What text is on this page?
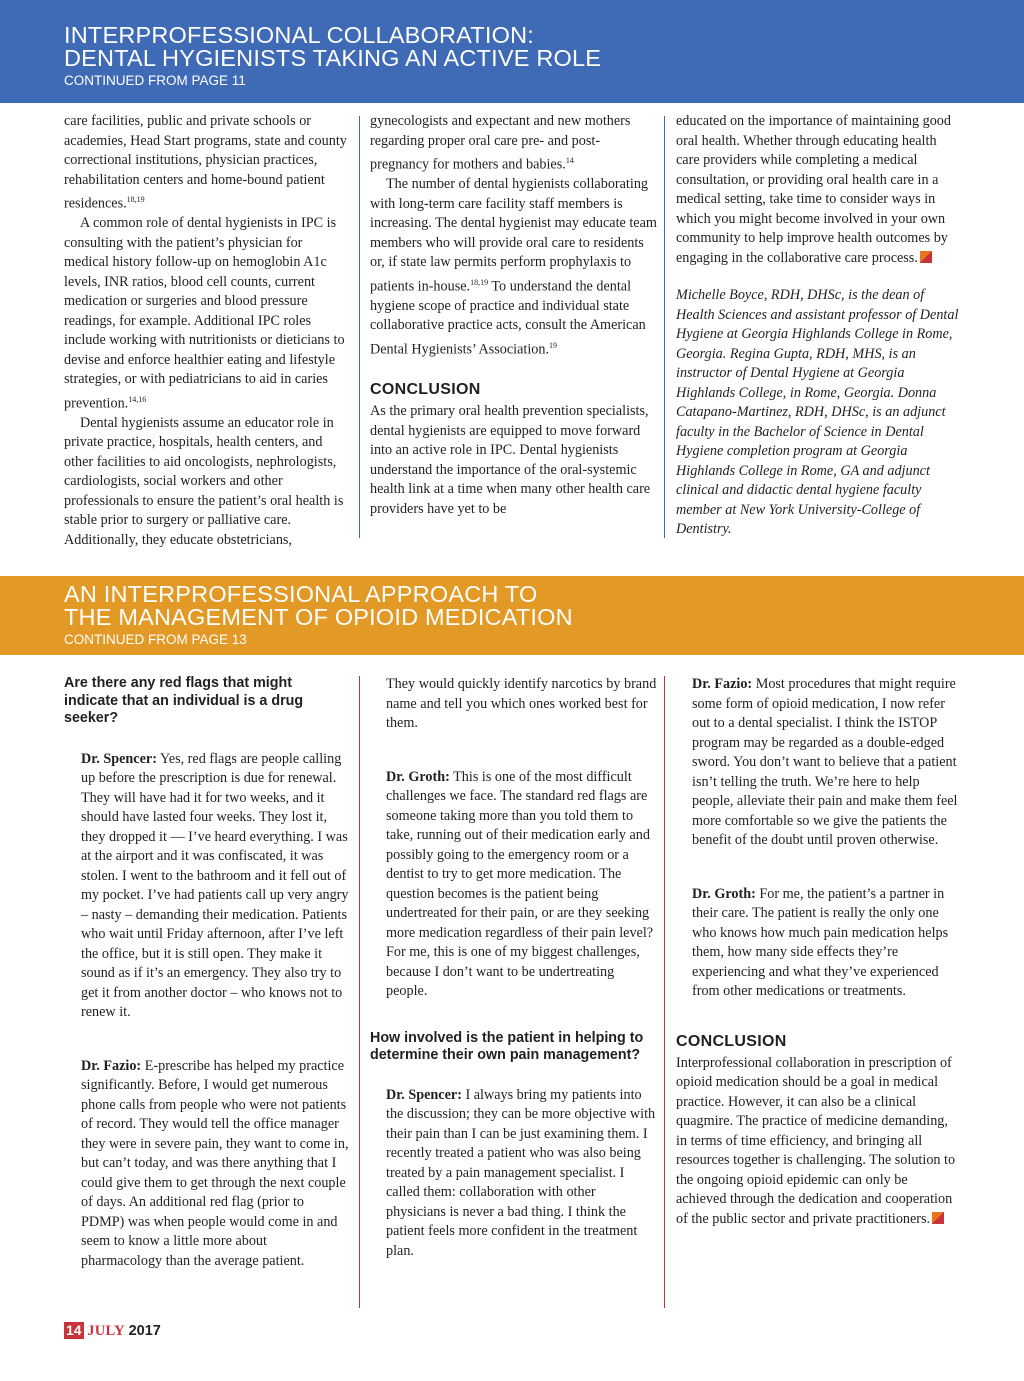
INTERPROFESSIONAL COLLABORATION:
DENTAL HYGIENISTS TAKING AN ACTIVE ROLE
CONTINUED FROM PAGE 11

care facilities, public and private schools or academies, Head Start programs, state and county correctional institutions, physician practices, rehabilitation centers and home-bound patient residences.$^{18,19}$

A common role of dental hygienists in IPC is consulting with the patient’s physician for medical history follow-up on hemoglobin A1c levels, INR ratios, blood cell counts, current medication or surgeries and blood pressure readings, for example. Additional IPC roles include working with nutritionists or dieticians to devise and enforce healthier eating and lifestyle strategies, or with pediatricians to aid in caries prevention.$^{14,16}$

Dental hygienists assume an educator role in private practice, hospitals, health centers, and other facilities to aid oncologists, nephrologists, cardiologists, social workers and other professionals to ensure the patient’s oral health is stable prior to surgery or palliative care. Additionally, they educate obstetricians,

gynecologists and expectant and new mothers regarding proper oral care pre- and post-pregnancy for mothers and babies.$^{14}$

The number of dental hygienists collaborating with long-term care facility staff members is increasing. The dental hygienist may educate team members who will provide oral care to residents or, if state law permits perform prophylaxis to patients in-house.$^{18,19}$ To understand the dental hygiene scope of practice and individual state collaborative practice acts, consult the American Dental Hygienists’ Association.$^{19}$

CONCLUSION

As the primary oral health prevention specialists, dental hygienists are equipped to move forward into an active role in IPC. Dental hygienists understand the importance of the oral-systemic health link at a time when many other health care providers have yet to be

educated on the importance of maintaining good oral health. Whether through educating health care providers while completing a medical consultation, or providing oral health care in a medical setting, take time to consider ways in which you might become involved in your own community to help improve health outcomes by engaging in the collaborative care process.

Michelle Boyce, RDH, DHSc, is the dean of Health Sciences and assistant professor of Dental Hygiene at Georgia Highlands College in Rome, Georgia. Regina Gupta, RDH, MHS, is an instructor of Dental Hygiene at Georgia Highlands College, in Rome, Georgia. Donna Catapano-Martinez, RDH, DHSc, is an adjunct faculty in the Bachelor of Science in Dental Hygiene completion program at Georgia Highlands College in Rome, GA and adjunct clinical and didactic dental hygiene faculty member at New York University-College of Dentistry.

AN INTERPROFESSIONAL APPROACH TO
THE MANAGEMENT OF OPIOID MEDICATION
CONTINUED FROM PAGE 13

Are there any red flags that might indicate that an individual is a drug seeker?

Dr. Spencer: Yes, red flags are people calling up before the prescription is due for renewal. They will have had it for two weeks, and it should have lasted four weeks. They lost it, they dropped it — I’ve heard everything. I was at the airport and it was confiscated, it was stolen. I went to the bathroom and it fell out of my pocket. I’ve had patients call up very angry – nasty – demanding their medication. Patients who wait until Friday afternoon, after I’ve left the office, but it is still open. They make it sound as if it’s an emergency. They also try to get it from another doctor – who knows not to renew it.

Dr. Fazio: E-prescribe has helped my practice significantly. Before, I would get numerous phone calls from people who were not patients of record. They would tell the office manager they were in severe pain, they want to come in, but can’t today, and was there anything that I could give them to get through the next couple of days. An additional red flag (prior to PDMP) was when people would come in and seem to know a little more about pharmacology than the average patient.

They would quickly identify narcotics by brand name and tell you which ones worked best for them.

Dr. Groth: This is one of the most difficult challenges we face. The standard red flags are someone taking more than you told them to take, running out of their medication early and possibly going to the emergency room or a dentist to try to get more medication. The question becomes is the patient being undertreated for their pain, or are they seeking more medication regardless of their pain level? For me, this is one of my biggest challenges, because I don’t want to be undertreating people.

How involved is the patient in helping to determine their own pain management?

Dr. Spencer: I always bring my patients into the discussion; they can be more objective with their pain than I can be just examining them. I recently treated a patient who was also being treated by a pain management specialist. I called them: collaboration with other physicians is never a bad thing. I think the patient feels more confident in the treatment plan.

Dr. Fazio: Most procedures that might require some form of opioid medication, I now refer out to a dental specialist. I think the ISTOP program may be regarded as a double-edged sword. You don’t want to believe that a patient isn’t telling the truth. We’re here to help people, alleviate their pain and make them feel more comfortable so we give the patients the benefit of the doubt until proven otherwise.

Dr. Groth: For me, the patient’s a partner in their care. The patient is really the only one who knows how much pain medication helps them, how many side effects they’re experiencing and what they’ve experienced from other medications or treatments.

CONCLUSION

Interprofessional collaboration in prescription of opioid medication should be a goal in medical practice. However, it can also be a clinical quagmire. The practice of medicine demanding, in terms of time efficiency, and bringing all resources together is challenging. The solution to the ongoing opioid epidemic can only be achieved through the dedication and cooperation of the public sector and private practitioners.

14 JULY 2017
